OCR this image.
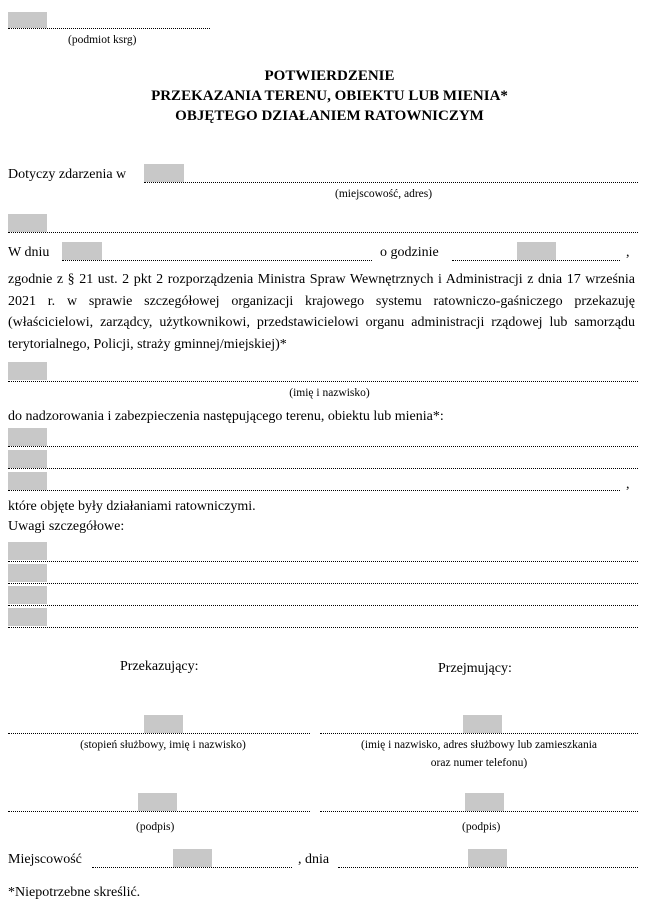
(podmiot ksrg)
POTWIERDZENIE
PRZEKAZANIA TERENU, OBIEKTU LUB MIENIA*
OBJĘTEGO DZIAŁANIEM RATOWNICZYM
Dotyczy zdarzenia w
(miejscowość, adres)
W dniu	o godzinie	,
zgodnie z § 21 ust. 2 pkt 2 rozporządzenia Ministra Spraw Wewnętrznych i Administracji z dnia 17 września 2021 r. w sprawie szczegółowej organizacji krajowego systemu ratowniczo-gaśniczego przekazuję (właścicielowi, zarządcy, użytkownikowi, przedstawicielowi organu administracji rządowej lub samorządu terytorialnego, Policji, straży gminnej/miejskiej)*
(imię i nazwisko)
do nadzorowania i zabezpieczenia następującego terenu, obiektu lub mienia*:
,
które objęte były działaniami ratowniczymi.
Uwagi szczegółowe:
Przekazujący:	Przejmujący:
(stopień służbowy, imię i nazwisko)	(imię i nazwisko, adres służbowy lub zamieszkania
oraz numer telefonu)
(podpis)	(podpis)
Miejscowość	, dnia
*Niepotrzebne skreślić.
